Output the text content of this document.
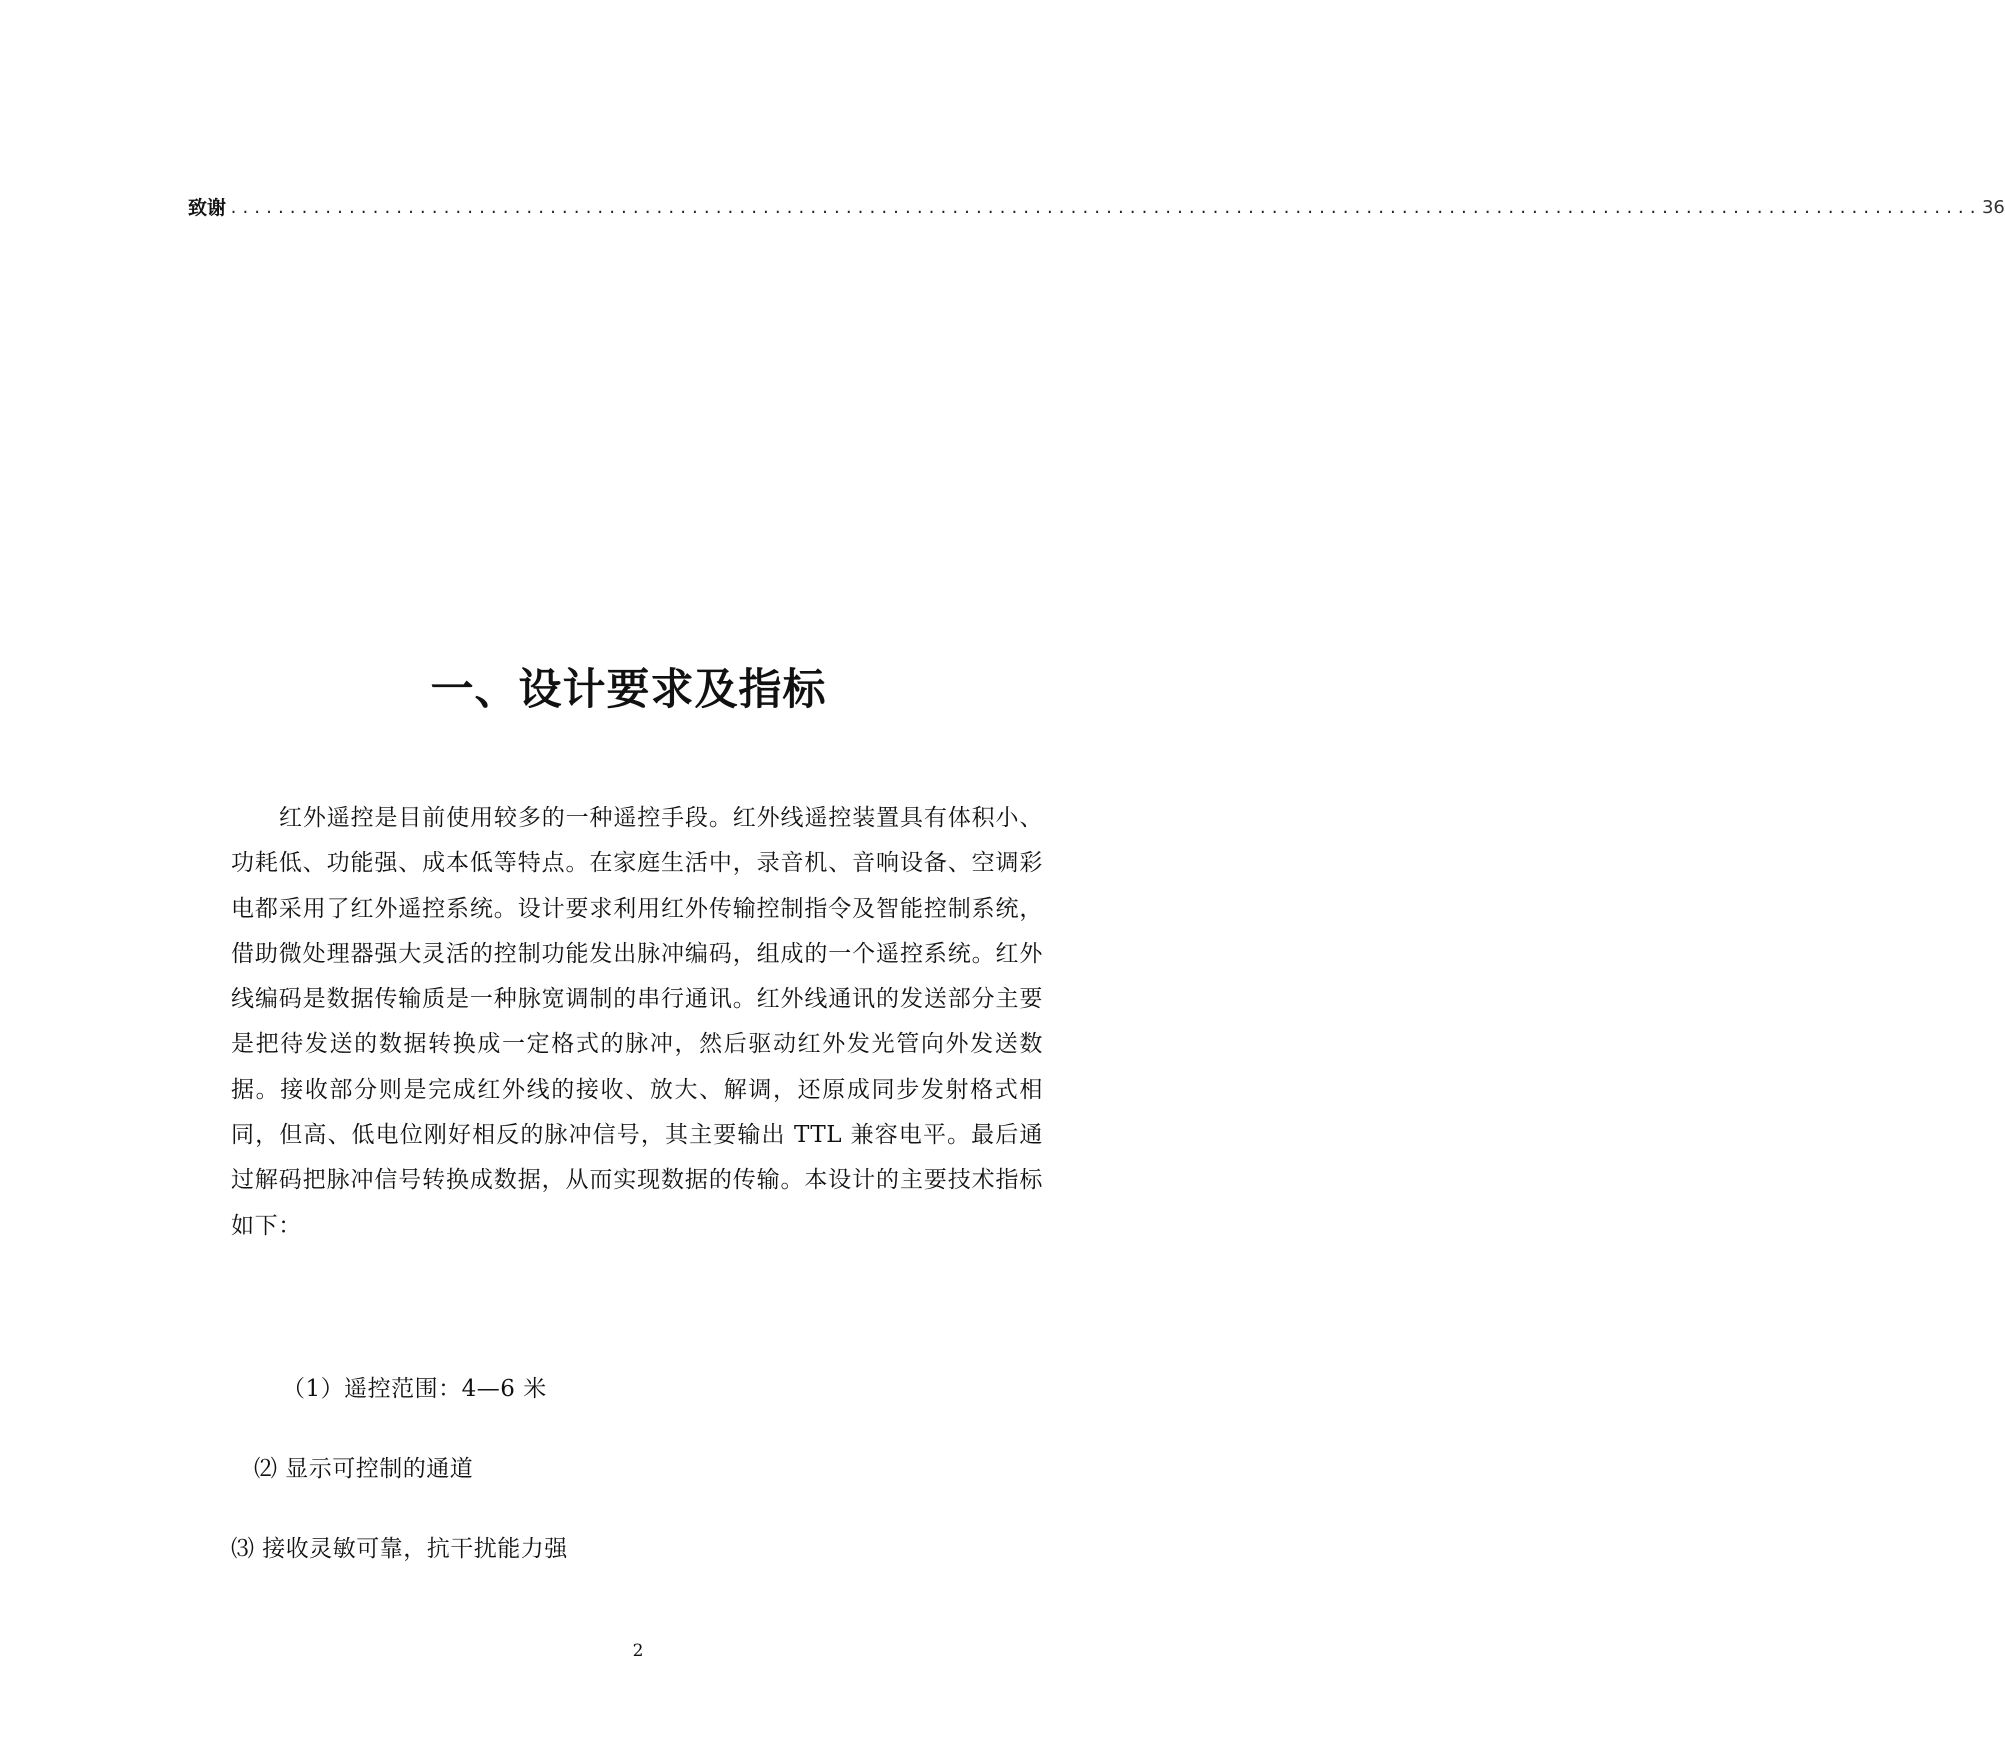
致谢 .................................................................................................................................................... 36
一、设计要求及指标

红外遥控是目前使用较多的一种遥控手段。红外线遥控装置具有体积小、功耗低、功能强、成本低等特点。在家庭生活中，录音机、音响设备、空调彩电都采用了红外遥控系统。设计要求利用红外传输控制指令及智能控制系统，借助微处理器强大灵活的控制功能发出脉冲编码，组成的一个遥控系统。红外线编码是数据传输质是一种脉宽调制的串行通讯。红外线通讯的发送部分主要是把待发送的数据转换成一定格式的脉冲，然后驱动红外发光管向外发送数据。接收部分则是完成红外线的接收、放大、解调，还原成同步发射格式相同，但高、低电位刚好相反的脉冲信号，其主要输出 TTL 兼容电平。最后通过解码把脉冲信号转换成数据，从而实现数据的传输。本设计的主要技术指标如下：

（1）遥控范围：4—6 米
⑵ 显示可控制的通道
⑶ 接收灵敏可靠，抗干扰能力强
2
